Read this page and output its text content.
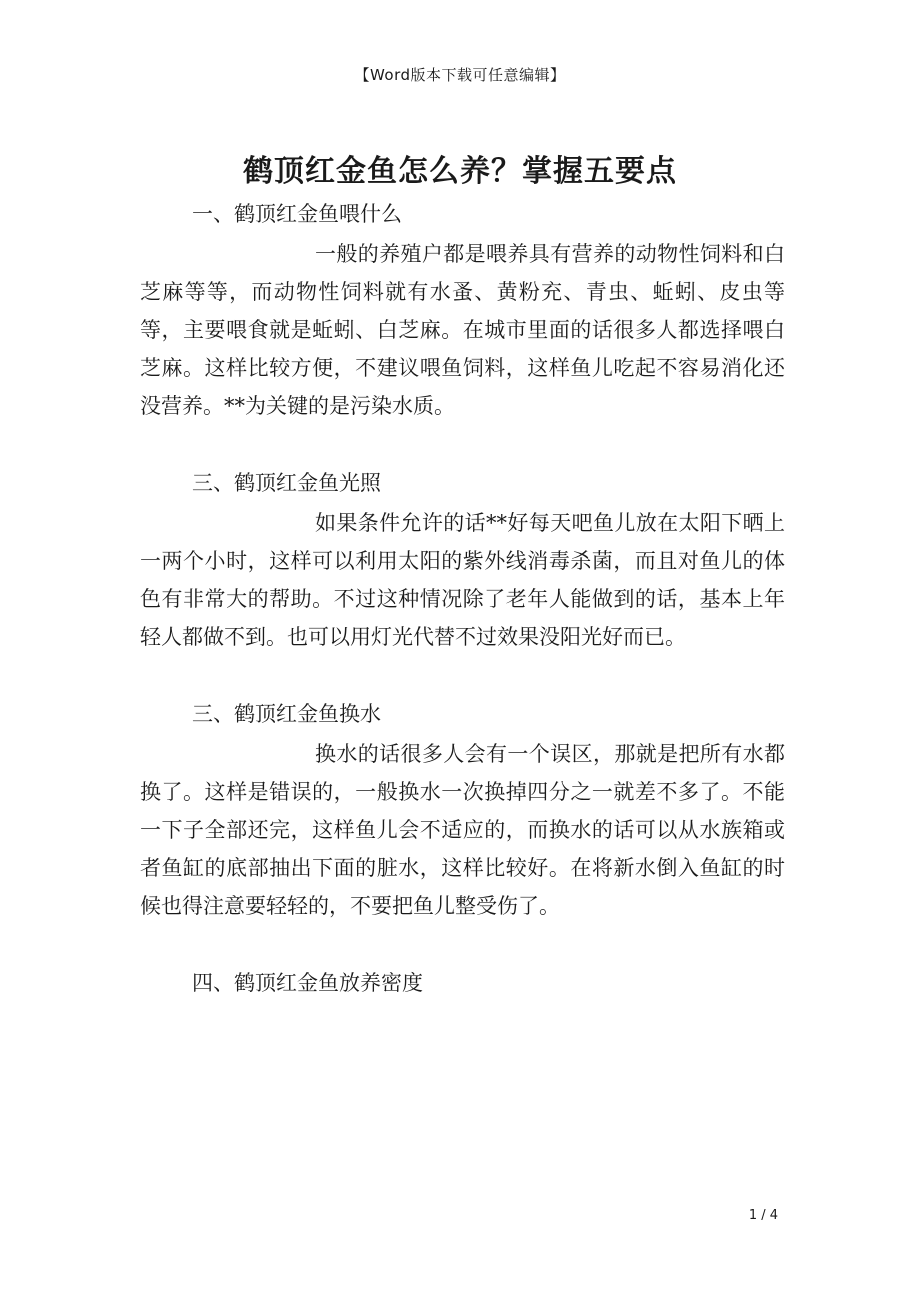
【Word版本下载可任意编辑】
鹤顶红金鱼怎么养？掌握五要点

一、鹤顶红金鱼喂什么

一般的养殖户都是喂养具有营养的动物性饲料和白芝麻等等，而动物性饲料就有水蚤、黄粉充、青虫、蚯蚓、皮虫等等，主要喂食就是蚯蚓、白芝麻。在城市里面的话很多人都选择喂白芝麻。这样比较方便，不建议喂鱼饲料，这样鱼儿吃起不容易消化还没营养。**为关键的是污染水质。

三、鹤顶红金鱼光照

如果条件允许的话**好每天吧鱼儿放在太阳下晒上一两个小时，这样可以利用太阳的紫外线消毒杀菌，而且对鱼儿的体色有非常大的帮助。不过这种情况除了老年人能做到的话，基本上年轻人都做不到。也可以用灯光代替不过效果没阳光好而已。

三、鹤顶红金鱼换水

换水的话很多人会有一个误区，那就是把所有水都换了。这样是错误的，一般换水一次换掉四分之一就差不多了。不能一下子全部还完，这样鱼儿会不适应的，而换水的话可以从水族箱或者鱼缸的底部抽出下面的脏水，这样比较好。在将新水倒入鱼缸的时候也得注意要轻轻的，不要把鱼儿整受伤了。

四、鹤顶红金鱼放养密度

1 / 4
